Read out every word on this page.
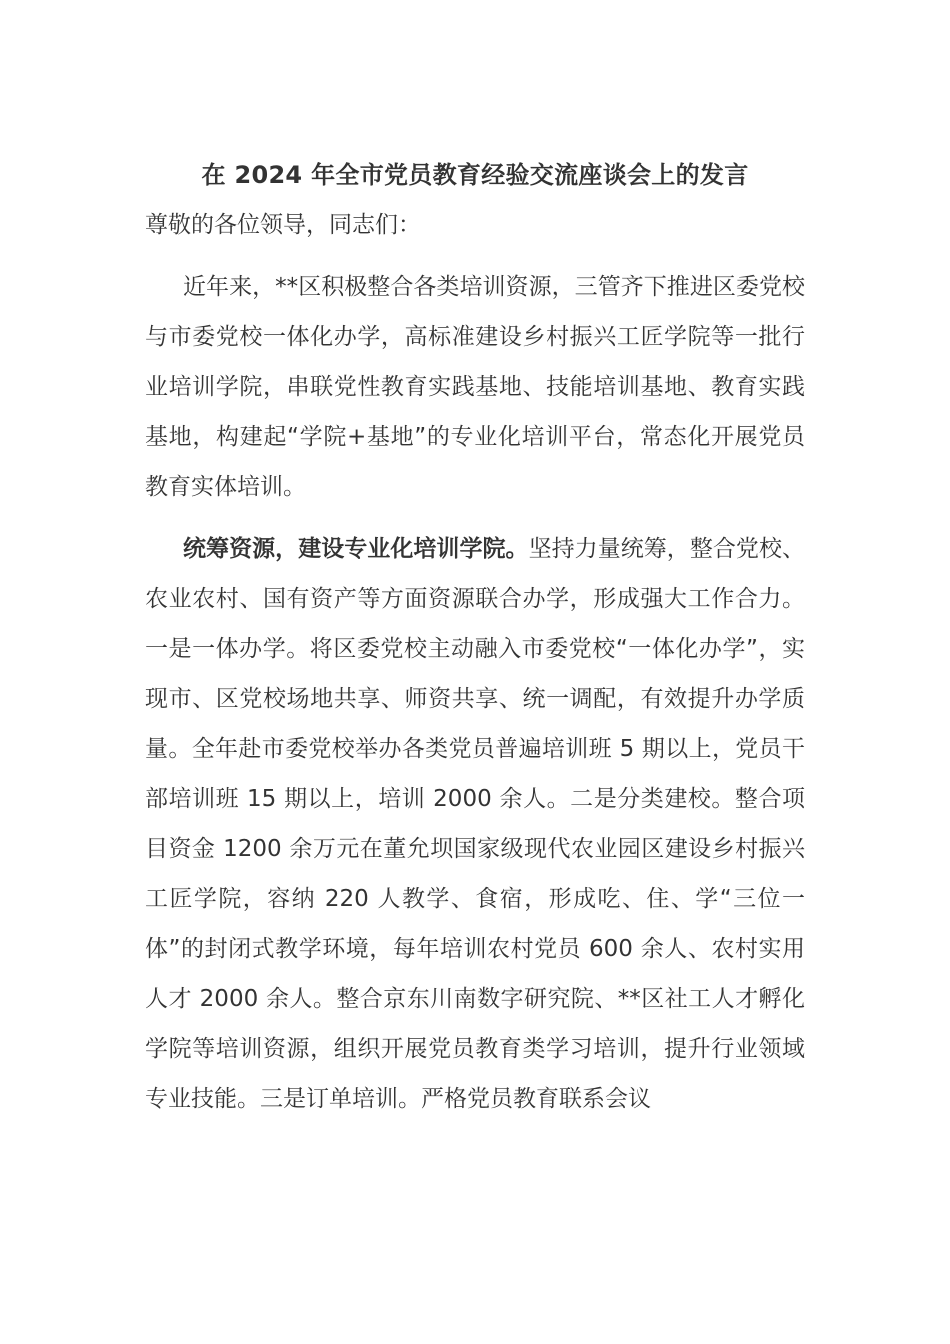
在 2024 年全市党员教育经验交流座谈会上的发言

尊敬的各位领导，同志们：

近年来，**区积极整合各类培训资源，三管齐下推进区委党校与市委党校一体化办学，高标准建设乡村振兴工匠学院等一批行业培训学院，串联党性教育实践基地、技能培训基地、教育实践基地，构建起“学院+基地”的专业化培训平台，常态化开展党员教育实体培训。

统筹资源，建设专业化培训学院。坚持力量统筹，整合党校、农业农村、国有资产等方面资源联合办学，形成强大工作合力。一是一体办学。将区委党校主动融入市委党校“一体化办学”，实现市、区党校场地共享、师资共享、统一调配，有效提升办学质量。全年赴市委党校举办各类党员普遍培训班 5 期以上，党员干部培训班 15 期以上，培训 2000 余人。二是分类建校。整合项目资金 1200 余万元在董允坝国家级现代农业园区建设乡村振兴工匠学院，容纳 220 人教学、食宿，形成吃、住、学“三位一体”的封闭式教学环境，每年培训农村党员 600 余人、农村实用人才 2000 余人。整合京东川南数字研究院、**区社工人才孵化学院等培训资源，组织开展党员教育类学习培训，提升行业领域专业技能。三是订单培训。严格党员教育联系会议
